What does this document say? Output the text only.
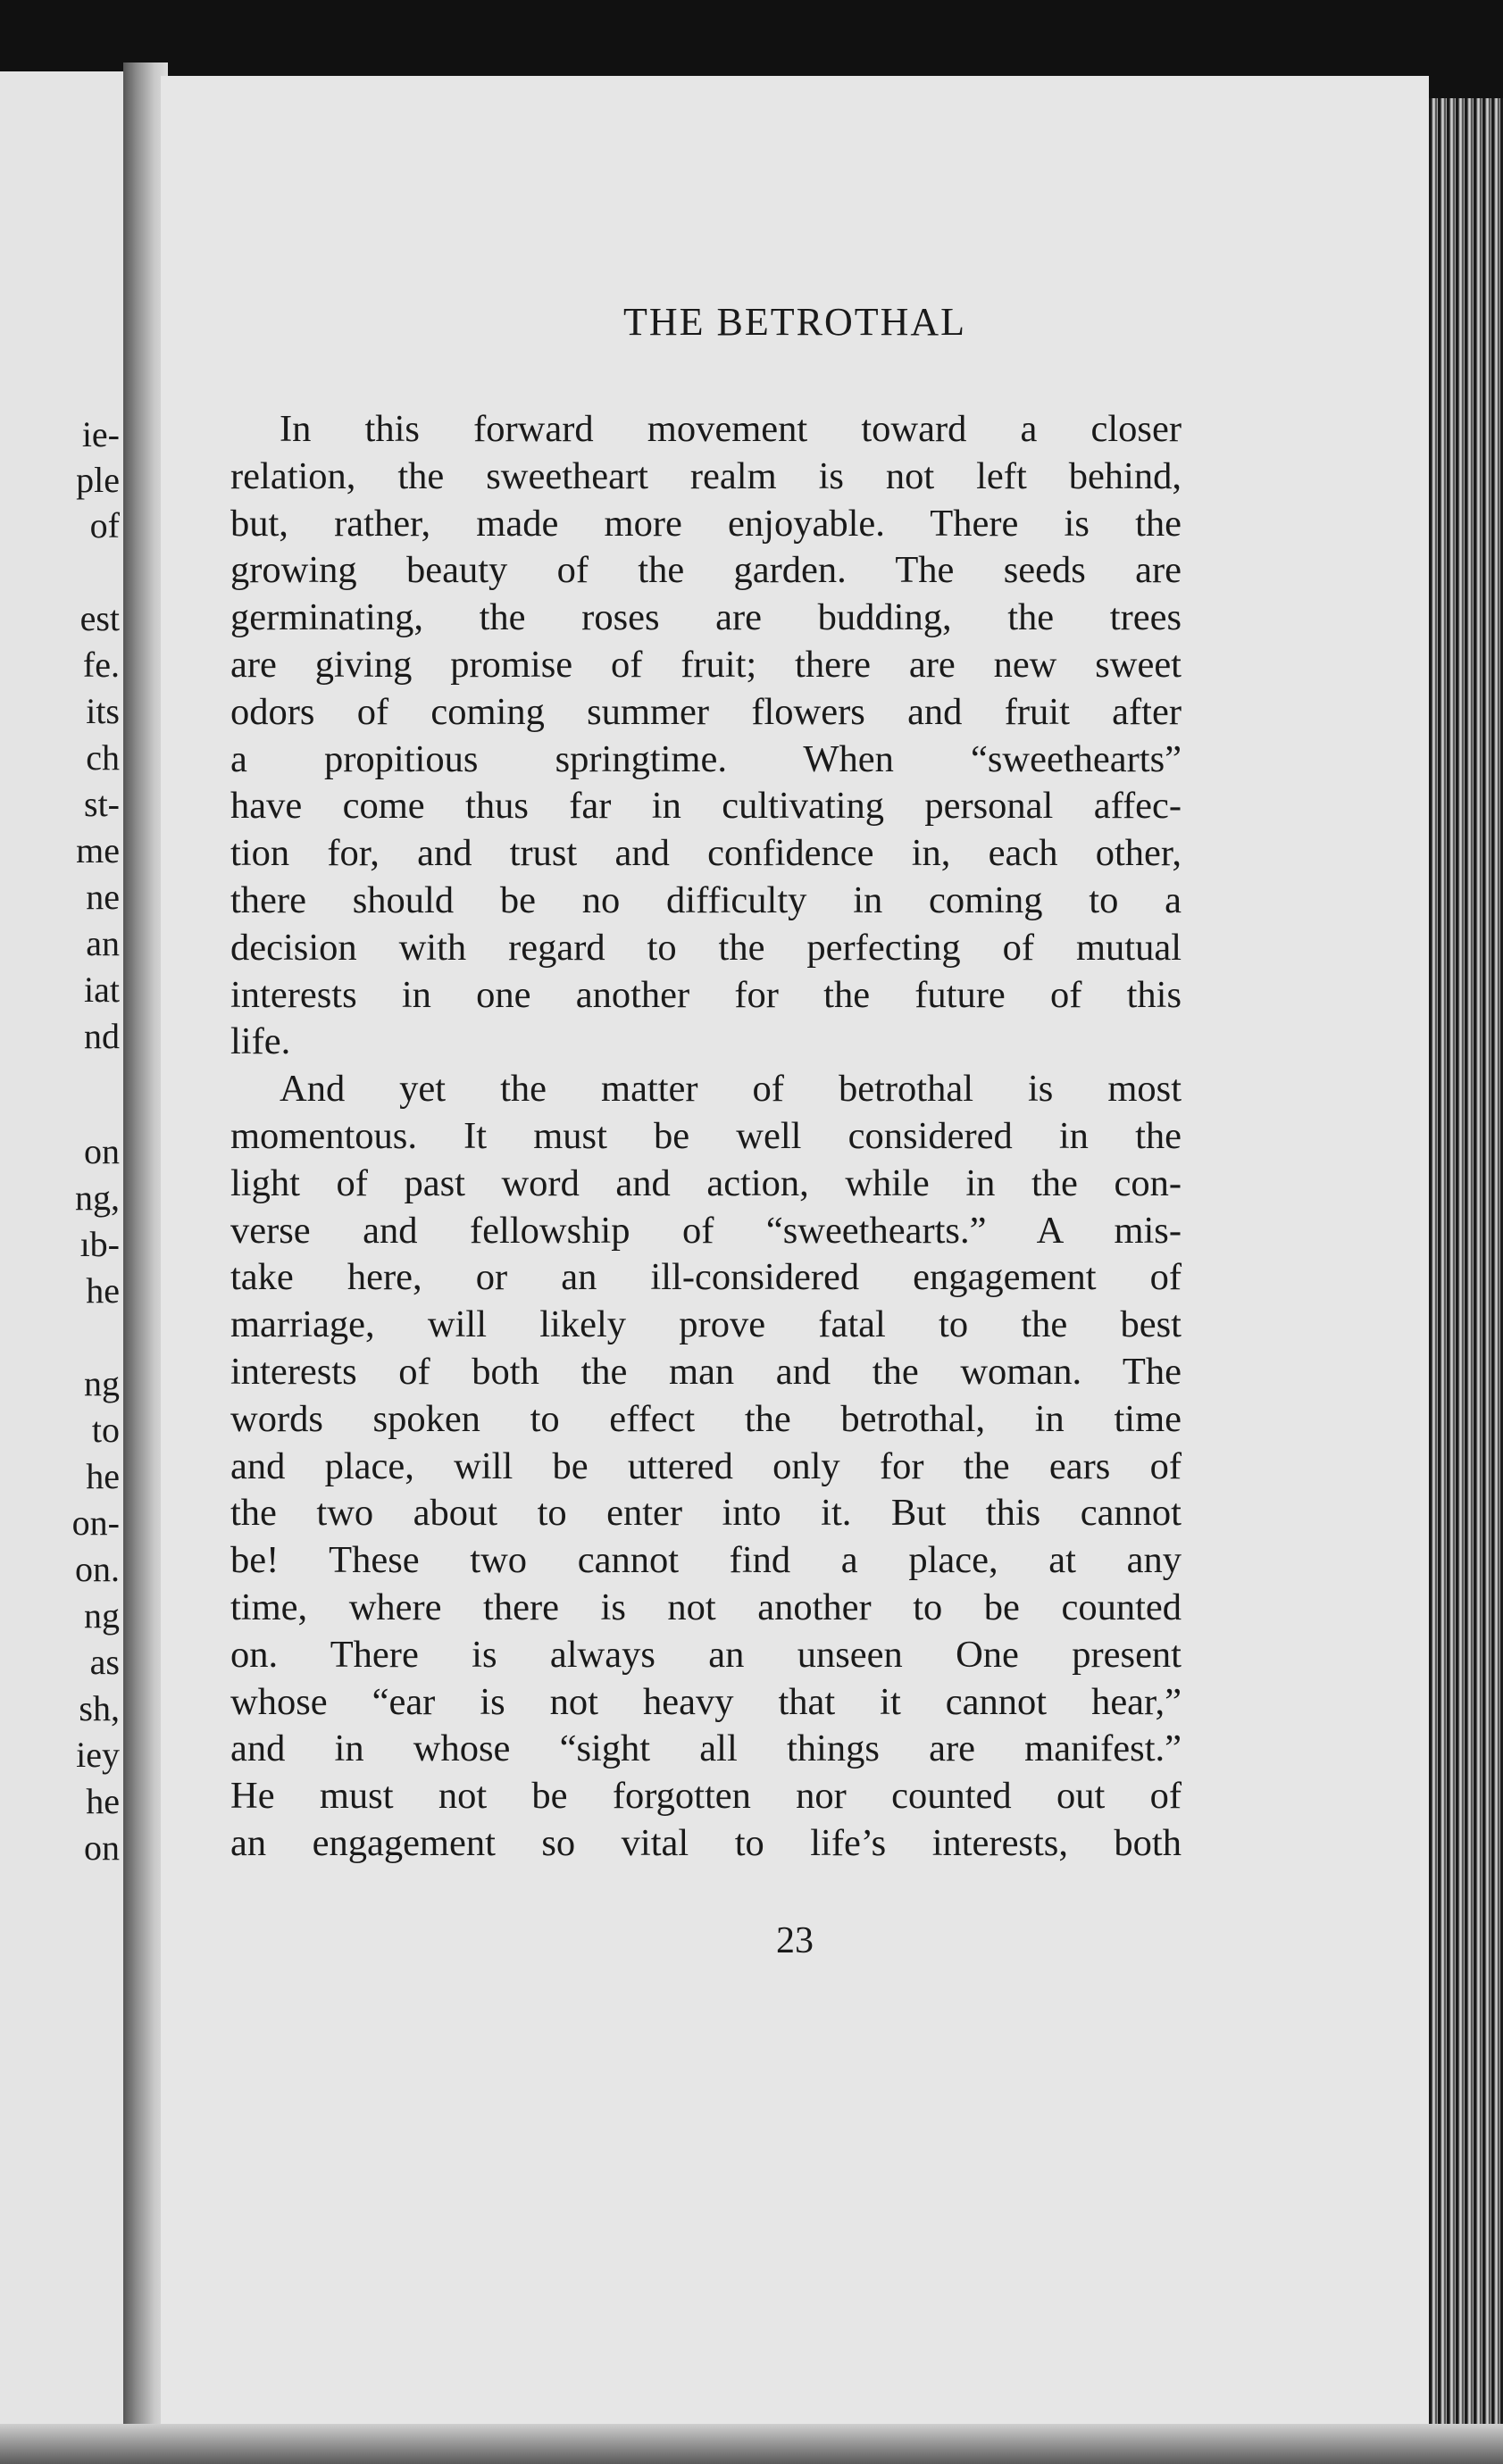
ie-
ple
of
est
fe.
its
ch
st-
me
ne
an
iat
nd
on
ng,
ıb-
he
ng
to
he
on-
on.
ng
as
sh,
iey
he
on
THE BETROTHAL
In this forward movement toward a closer
relation, the sweetheart realm is not left behind,
but, rather, made more enjoyable. There is the
growing beauty of the garden. The seeds are
germinating, the roses are budding, the trees
are giving promise of fruit; there are new sweet
odors of coming summer flowers and fruit after
a propitious springtime. When “sweethearts”
have come thus far in cultivating personal affec-
tion for, and trust and confidence in, each other,
there should be no difficulty in coming to a
decision with regard to the perfecting of mutual
interests in one another for the future of this
life.
And yet the matter of betrothal is most
momentous. It must be well considered in the
light of past word and action, while in the con-
verse and fellowship of “sweethearts.” A mis-
take here, or an ill-considered engagement of
marriage, will likely prove fatal to the best
interests of both the man and the woman. The
words spoken to effect the betrothal, in time
and place, will be uttered only for the ears of
the two about to enter into it. But this cannot
be! These two cannot find a place, at any
time, where there is not another to be counted
on. There is always an unseen One present
whose “ear is not heavy that it cannot hear,”
and in whose “sight all things are manifest.”
He must not be forgotten nor counted out of
an engagement so vital to life’s interests, both
23
